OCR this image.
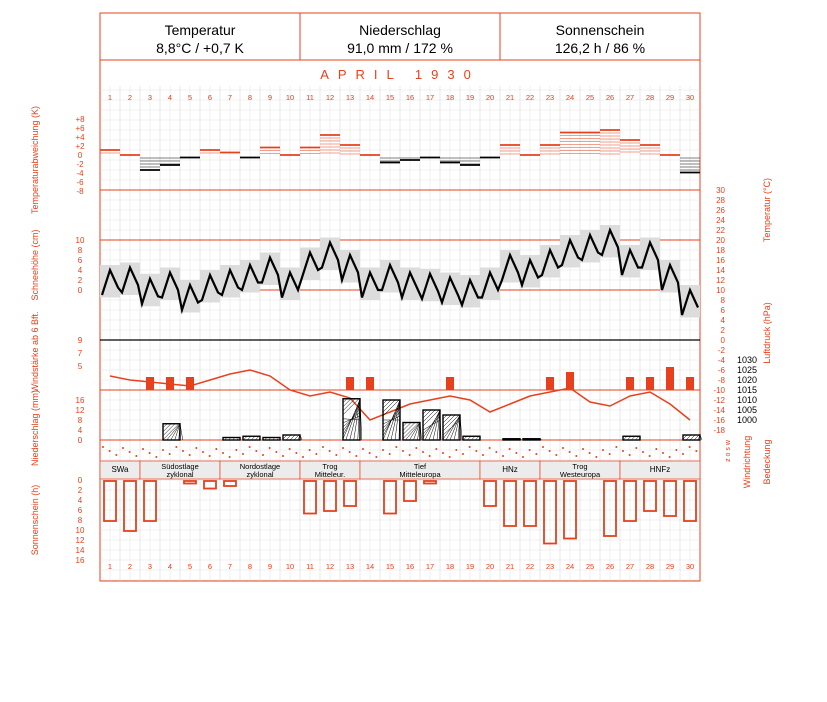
Temperatur
8,8°C / +0,7 K
Niederschlag
91,0 mm / 172 %
Sonnenschein
126,2 h / 86 %
APRIL 1930
1
1
2
2
3
3
4
4
5
5
6
6
7
7
8
8
9
9
10
10
11
11
12
12
13
13
14
14
15
15
16
16
17
17
18
18
19
19
20
20
21
21
22
22
23
23
24
24
25
25
26
26
27
27
28
28
29
29
30
30
+8
+6
+4
+2
0
-2
-4
-6
-8	30
28
26
24
22
20
18
16
14
12
10
8
6
4
2
0
-2
-4
-6
-8
-10
-12
-14
-16
-18
10
8
6
4
2
0
9
7
5
1030
1025
1020
1015
1010
1005
1000
16
12
8
4
0
SWa	Südostlage
zyklonal
Nordostlage
zyklonal
Trog
Mitteleur.
Tief
Mitteleuropa
HNz	Trog
Westeuropa
HNFz
0
2
4
6
8
10
12
14
16
Temperaturabweichung (K)
Schneehöhe (cm)
Windstärke ab 6 Bft.
Niederschlag (mm)
Sonnenschein (h)
Temperatur (°C)
Luftdruck (hPa)
Windrichtung Bedeckung
z o s w
